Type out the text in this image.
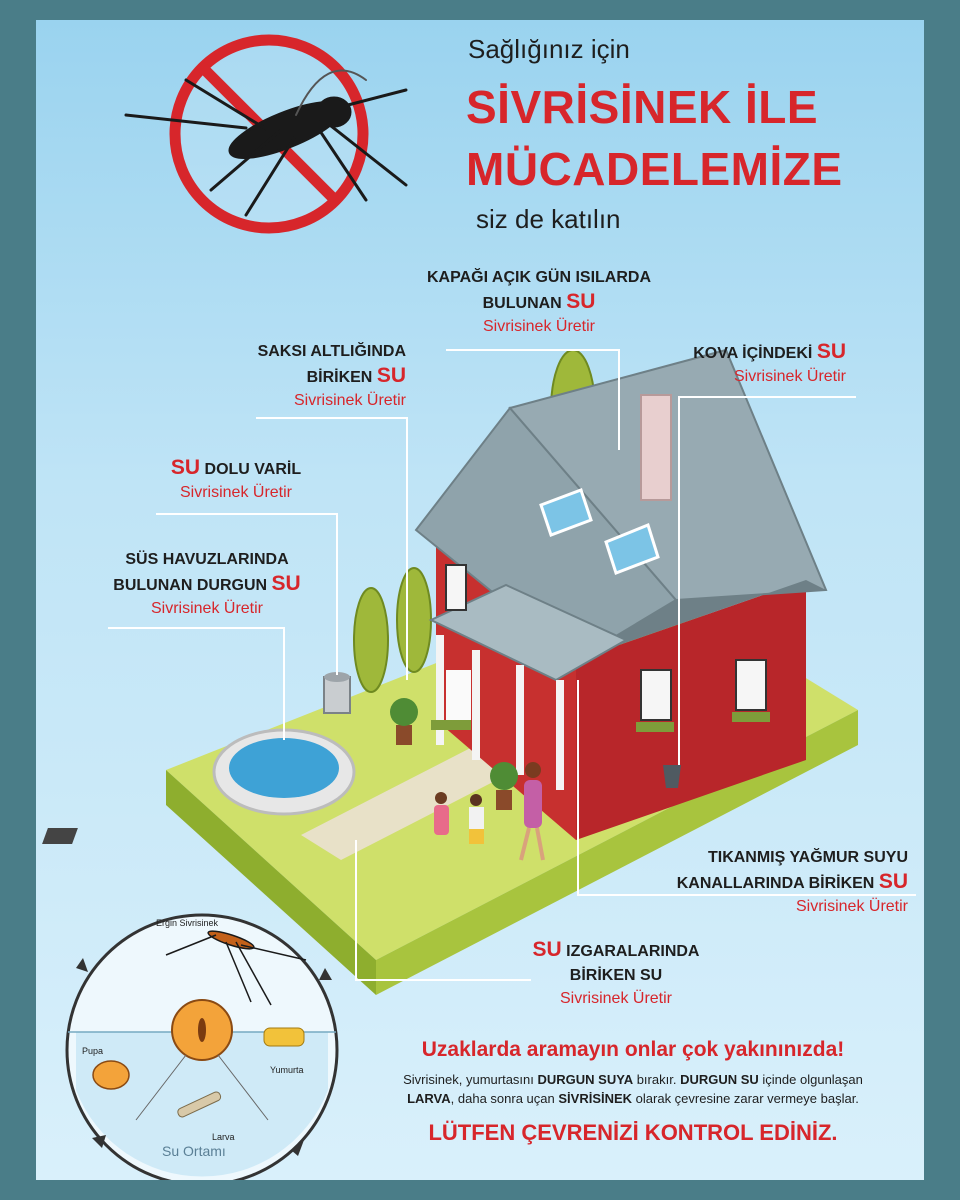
Sağlığınız için
SİVRİSİNEK İLE
MÜCADELEMİZE
siz de katılın
KAPAĞI AÇIK GÜN ISILARDA
BULUNAN SU
Sivrisinek Üretir
SAKSI ALTLIĞINDA
BİRİKEN SU
Sivrisinek Üretir
KOVA İÇİNDEKİ SU
Sivrisinek Üretir
SU DOLU VARİL
Sivrisinek Üretir
SÜS HAVUZLARINDA
BULUNAN DURGUN SU
Sivrisinek Üretir
TIKANMIŞ YAĞMUR SUYU
KANALLARINDA BİRİKEN SU
Sivrisinek Üretir
SU IZGARALARINDA
BİRİKEN SU
Sivrisinek Üretir
Ergin Sivrisinek
Pupa
Yumurta
Larva
Su Ortamı
Uzaklarda aramayın onlar çok yakınınızda!
Sivrisinek, yumurtasını DURGUN SUYA bırakır. DURGUN SU içinde olgunlaşan
LARVA, daha sonra uçan SİVRİSİNEK olarak çevresine zarar vermeye başlar.
LÜTFEN ÇEVRENİZİ KONTROL EDİNİZ.
